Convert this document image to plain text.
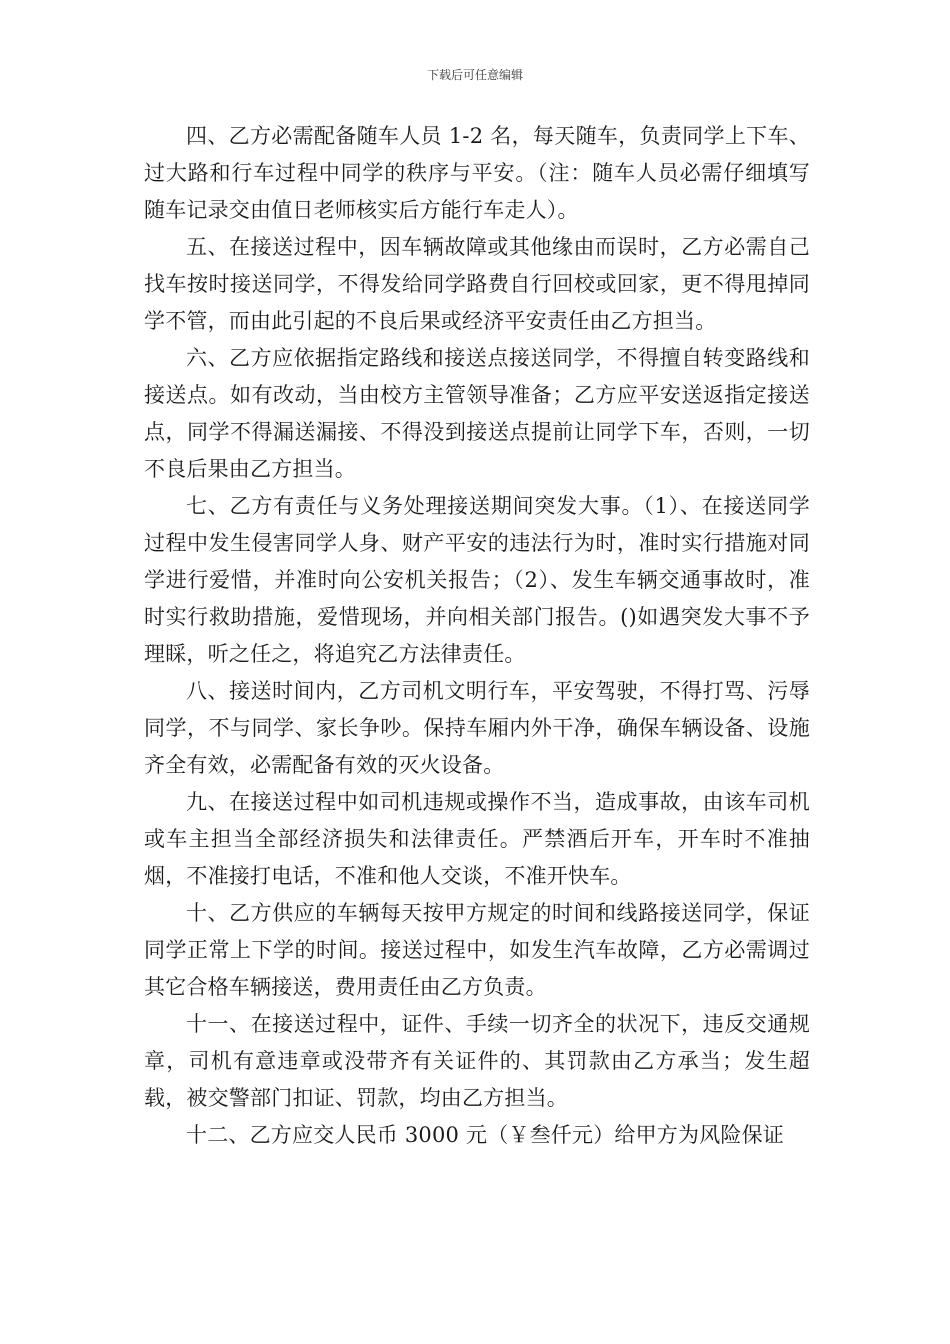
下载后可任意编辑

四、乙方必需配备随车人员 1-2 名，每天随车，负责同学上下车、过大路和行车过程中同学的秩序与平安。（注：随车人员必需仔细填写随车记录交由值日老师核实后方能行车走人）。

五、在接送过程中，因车辆故障或其他缘由而误时，乙方必需自己找车按时接送同学，不得发给同学路费自行回校或回家，更不得甩掉同学不管，而由此引起的不良后果或经济平安责任由乙方担当。

六、乙方应依据指定路线和接送点接送同学，不得擅自转变路线和接送点。如有改动，当由校方主管领导准备；乙方应平安送返指定接送点，同学不得漏送漏接、不得没到接送点提前让同学下车，否则，一切不良后果由乙方担当。

七、乙方有责任与义务处理接送期间突发大事。（1）、在接送同学过程中发生侵害同学人身、财产平安的违法行为时，准时实行措施对同学进行爱惜，并准时向公安机关报告；（2）、发生车辆交通事故时，准时实行救助措施，爱惜现场，并向相关部门报告。()如遇突发大事不予理睬，听之任之，将追究乙方法律责任。

八、接送时间内，乙方司机文明行车，平安驾驶，不得打骂、污辱同学，不与同学、家长争吵。保持车厢内外干净，确保车辆设备、设施齐全有效，必需配备有效的灭火设备。

九、在接送过程中如司机违规或操作不当，造成事故，由该车司机或车主担当全部经济损失和法律责任。严禁酒后开车，开车时不准抽烟，不准接打电话，不准和他人交谈，不准开快车。

十、乙方供应的车辆每天按甲方规定的时间和线路接送同学，保证同学正常上下学的时间。接送过程中，如发生汽车故障，乙方必需调过其它合格车辆接送，费用责任由乙方负责。

十一、在接送过程中，证件、手续一切齐全的状况下，违反交通规章，司机有意违章或没带齐有关证件的、其罚款由乙方承当；发生超载，被交警部门扣证、罚款，均由乙方担当。

十二、乙方应交人民币 3000 元（￥叁仟元）给甲方为风险保证
